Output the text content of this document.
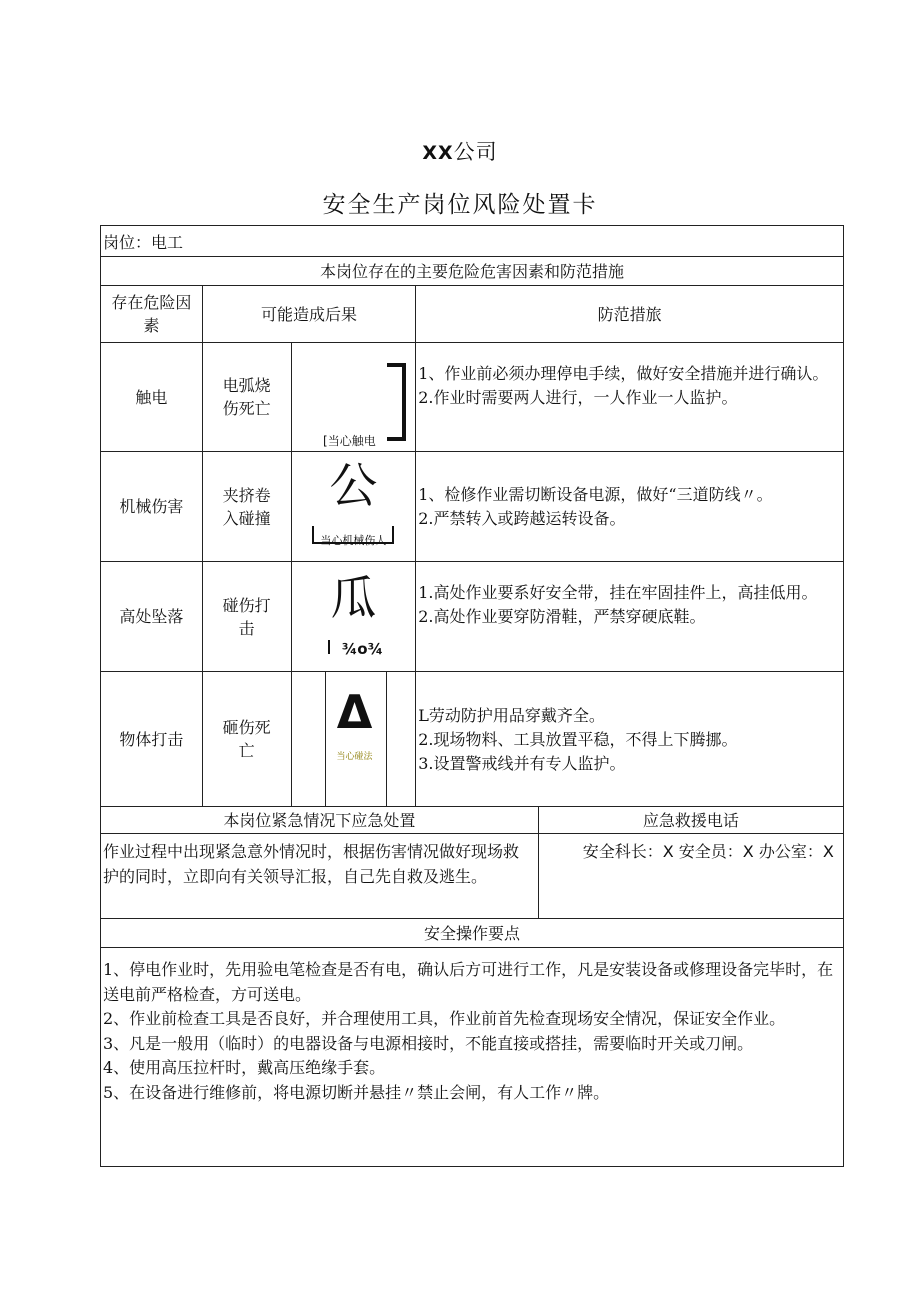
XX公司
安全生产岗位风险处置卡
岗位：电工
本岗位存在的主要危险危害因素和防范措施
存在危险因素
可能造成后果	防范措旅
触电
电弧烧伤死亡
[当心触电
1、作业前必须办理停电手续，做好安全措施并进行确认。
2.作业时需要两人进行，一人作业一人监护。
机械伤害
夹挤卷入碰撞
公
当心机械伤人
1、检修作业需切断设备电源，做好“三道防线〃。
2.严禁转入或跨越运转设备。
高处坠落
碰伤打击
瓜
¾o¾
1.高处作业要系好安全带，挂在牢固挂件上，高挂低用。
2.高处作业要穿防滑鞋，严禁穿硬底鞋。
物体打击
砸伤死亡
Δ
当心碰法
L劳动防护用品穿戴齐全。
2.现场物料、工具放置平稳，不得上下腾挪。
3.设置警戒线并有专人监护。
本岗位紧急情况下应急处置	应急救援电话
作业过程中出现紧急意外情况时，根据伤害情况做好现场救护的同时，立即向有关领导汇报，自己先自救及逃生。
安全科长：X 安全员：X 办公室：X
安全操作要点
1、停电作业时，先用验电笔检查是否有电，确认后方可进行工作，凡是安装设备或修理设备完毕时，在送电前严格检查，方可送电。
2、作业前检查工具是否良好，并合理使用工具，作业前首先检查现场安全情况，保证安全作业。
3、凡是一般用（临时）的电器设备与电源相接时，不能直接或搭挂，需要临时开关或刀闸。
4、使用高压拉杆时，戴高压绝缘手套。
5、在设备进行维修前，将电源切断并悬挂〃禁止会闸，有人工作〃牌。
